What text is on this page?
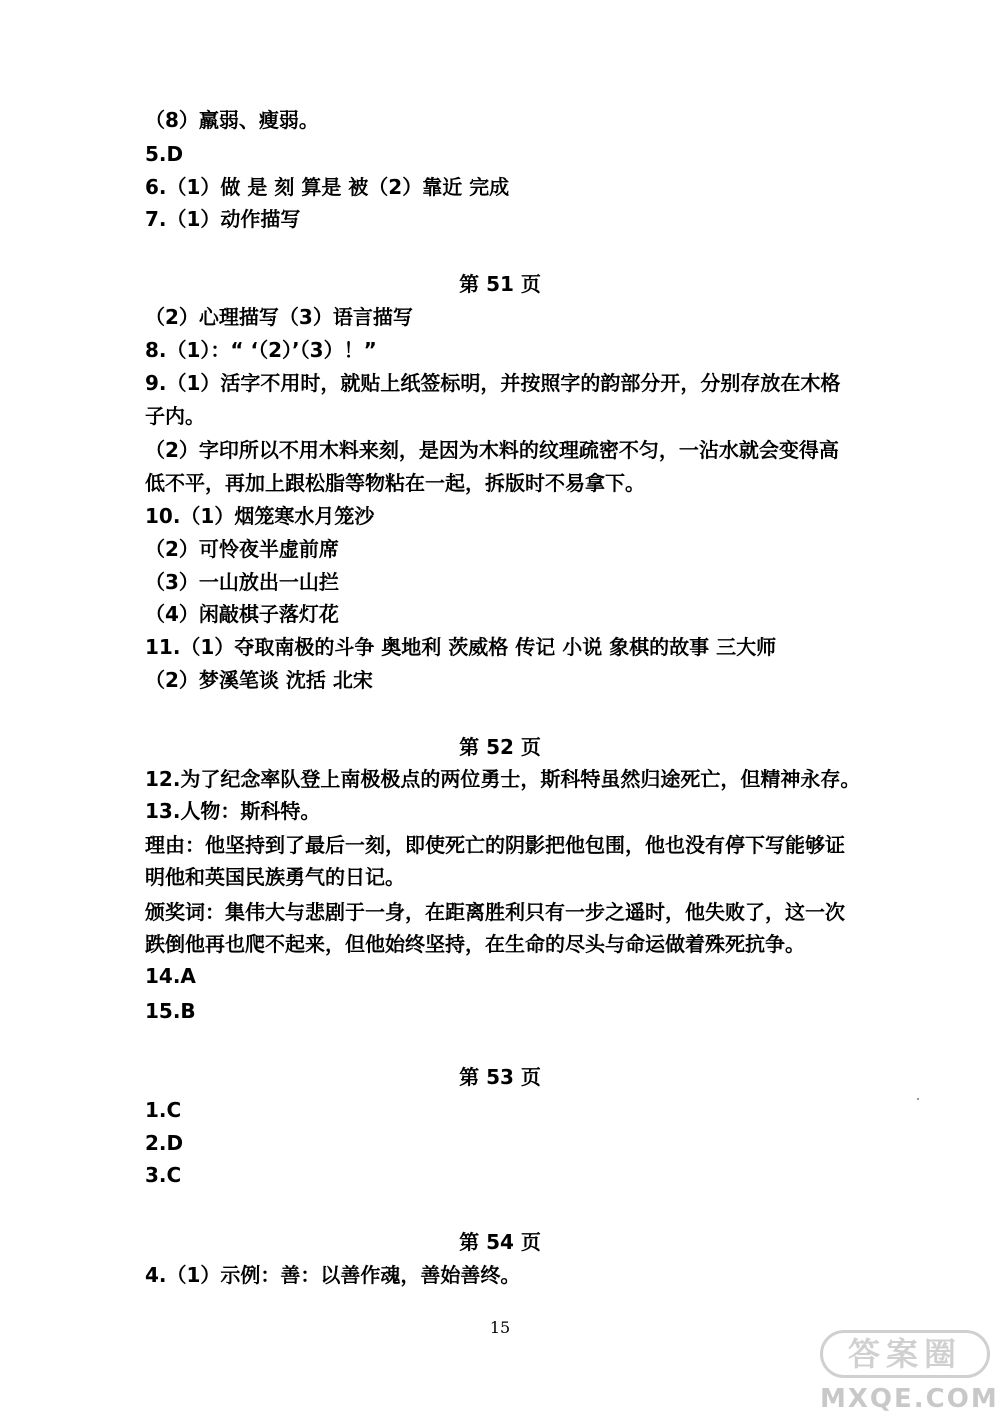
（8）羸弱、瘦弱。
5.D
6.（1）做 是 刻 算是 被（2）靠近 完成
7.（1）动作描写
第 51 页
（2）心理描写（3）语言描写
8.（1）：“ ‘（2）’（3）！”
9.（1）活字不用时，就贴上纸签标明，并按照字的韵部分开，分别存放在木格
子内。
（2）字印所以不用木料来刻，是因为木料的纹理疏密不匀，一沾水就会变得高
低不平，再加上跟松脂等物粘在一起，拆版时不易拿下。
10.（1）烟笼寒水月笼沙
（2）可怜夜半虚前席
（3）一山放出一山拦
（4）闲敲棋子落灯花
11.（1）夺取南极的斗争 奥地利 茨威格 传记 小说 象棋的故事 三大师
（2）梦溪笔谈 沈括 北宋
第 52 页
12.为了纪念率队登上南极极点的两位勇士，斯科特虽然归途死亡，但精神永存。
13.人物：斯科特。
理由：他坚持到了最后一刻，即使死亡的阴影把他包围，他也没有停下写能够证
明他和英国民族勇气的日记。
颁奖词：集伟大与悲剧于一身，在距离胜利只有一步之遥时，他失败了，这一次
跌倒他再也爬不起来，但他始终坚持，在生命的尽头与命运做着殊死抗争。
14.A
15.B
第 53 页
1.C
2.D
3.C
第 54 页
4.（1）示例：善：以善作魂，善始善终。
15
答案圈
MXQE.COM
